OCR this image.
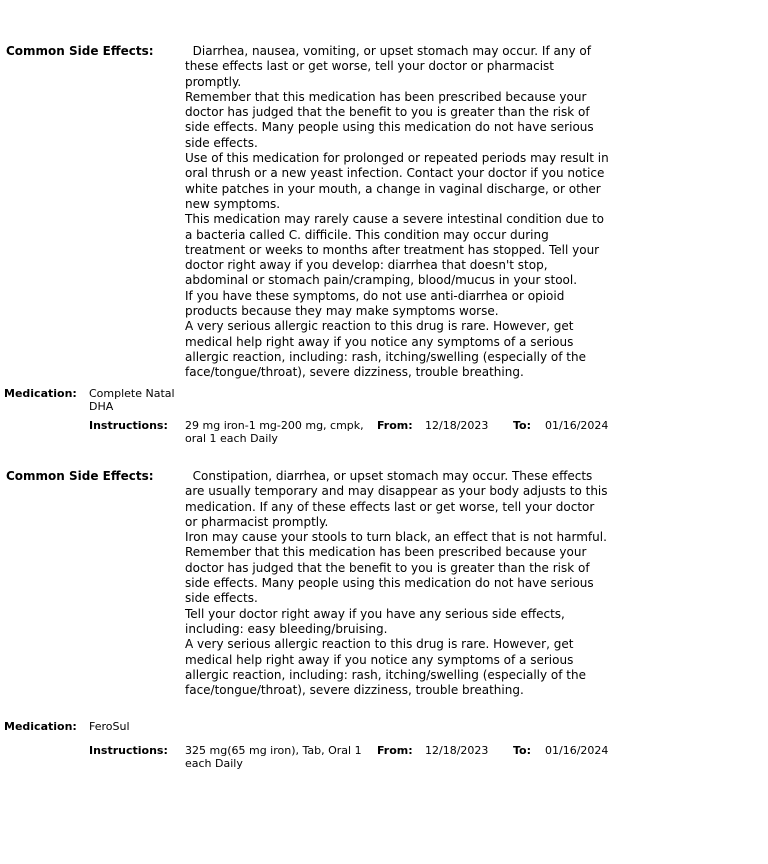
Common Side Effects:	Diarrhea, nausea, vomiting, or upset stomach may occur. If any of these effects last or get worse, tell your doctor or pharmacist promptly.

Remember that this medication has been prescribed because your doctor has judged that the benefit to you is greater than the risk of side effects. Many people using this medication do not have serious side effects.

Use of this medication for prolonged or repeated periods may result in oral thrush or a new yeast infection. Contact your doctor if you notice white patches in your mouth, a change in vaginal discharge, or other new symptoms.

This medication may rarely cause a severe intestinal condition due to a bacteria called C. difficile. This condition may occur during treatment or weeks to months after treatment has stopped. Tell your doctor right away if you develop: diarrhea that doesn't stop, abdominal or stomach pain/cramping, blood/mucus in your stool.

If you have these symptoms, do not use anti-diarrhea or opioid products because they may make symptoms worse.

A very serious allergic reaction to this drug is rare. However, get medical help right away if you notice any symptoms of a serious allergic reaction, including: rash, itching/swelling (especially of the face/tongue/throat), severe dizziness, trouble breathing.

Medication: Complete Natal DHA
Instructions: 29 mg iron-1 mg-200 mg, cmpk, oral 1 each Daily
From: 12/18/2023 To: 01/16/2024
Common Side Effects:	Constipation, diarrhea, or upset stomach may occur. These effects are usually temporary and may disappear as your body adjusts to this medication. If any of these effects last or get worse, tell your doctor or pharmacist promptly.

Iron may cause your stools to turn black, an effect that is not harmful.

Remember that this medication has been prescribed because your doctor has judged that the benefit to you is greater than the risk of side effects. Many people using this medication do not have serious side effects.

Tell your doctor right away if you have any serious side effects, including: easy bleeding/bruising.

A very serious allergic reaction to this drug is rare. However, get medical help right away if you notice any symptoms of a serious allergic reaction, including: rash, itching/swelling (especially of the face/tongue/throat), severe dizziness, trouble breathing.

Medication: FeroSul
Instructions: 325 mg(65 mg iron), Tab, Oral 1 each Daily
From: 12/18/2023 To: 01/16/2024
